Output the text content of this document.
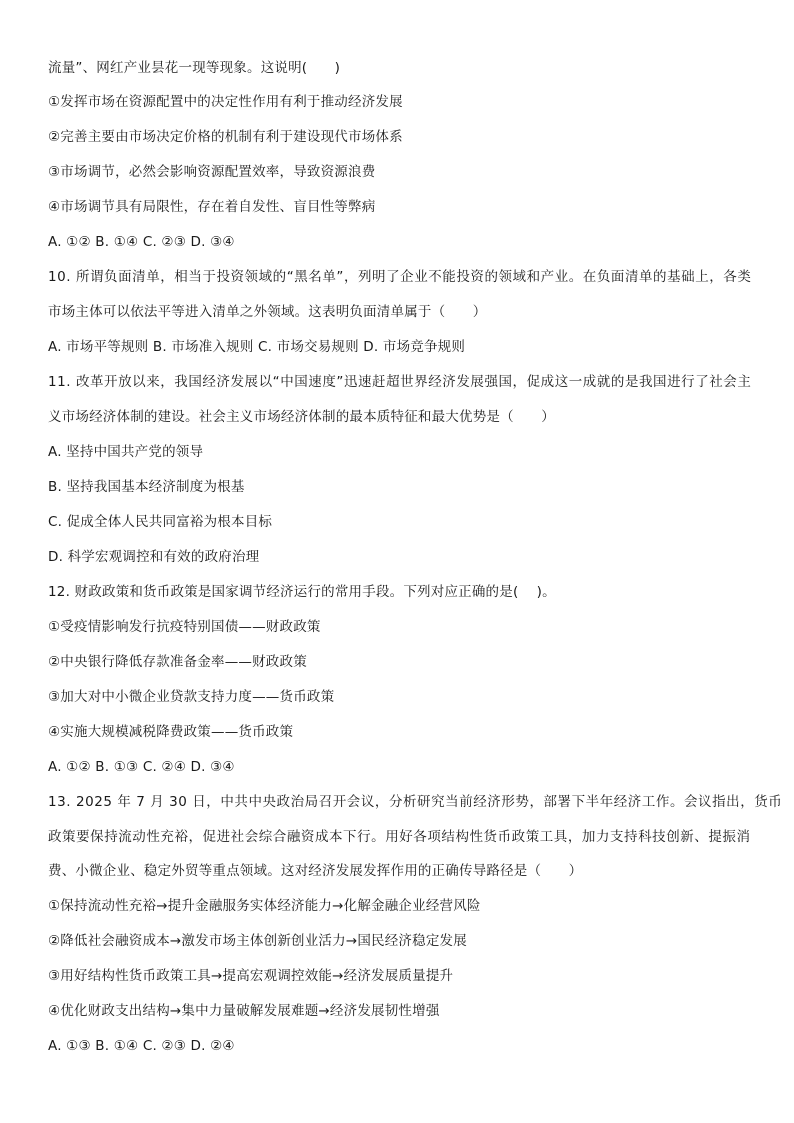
流量”、网红产业昙花一现等现象。这说明(　　)
①发挥市场在资源配置中的决定性作用有利于推动经济发展
②完善主要由市场决定价格的机制有利于建设现代市场体系
③市场调节，必然会影响资源配置效率，导致资源浪费
④市场调节具有局限性，存在着自发性、盲目性等弊病
A. ①② B. ①④ C. ②③ D. ③④
10. 所谓负面清单，相当于投资领域的“黑名单”，列明了企业不能投资的领域和产业。在负面清单的基础上，各类
市场主体可以依法平等进入清单之外领域。这表明负面清单属于（　　）
A. 市场平等规则 B. 市场准入规则 C. 市场交易规则 D. 市场竞争规则
11. 改革开放以来，我国经济发展以“中国速度”迅速赶超世界经济发展强国，促成这一成就的是我国进行了社会主
义市场经济体制的建设。社会主义市场经济体制的最本质特征和最大优势是（　　）
A. 坚持中国共产党的领导
B. 坚持我国基本经济制度为根基
C. 促成全体人民共同富裕为根本目标
D. 科学宏观调控和有效的政府治理
12. 财政政策和货币政策是国家调节经济运行的常用手段。下列对应正确的是(　 )。
①受疫情影响发行抗疫特别国债——财政政策
②中央银行降低存款准备金率——财政政策
③加大对中小微企业贷款支持力度——货币政策
④实施大规模减税降费政策——货币政策
A. ①② B. ①③ C. ②④ D. ③④
13. 2025 年 7 月 30 日，中共中央政治局召开会议，分析研究当前经济形势，部署下半年经济工作。会议指出，货币
政策要保持流动性充裕，促进社会综合融资成本下行。用好各项结构性货币政策工具，加力支持科技创新、提振消
费、小微企业、稳定外贸等重点领域。这对经济发展发挥作用的正确传导路径是（　　）
①保持流动性充裕→提升金融服务实体经济能力→化解金融企业经营风险
②降低社会融资成本→激发市场主体创新创业活力→国民经济稳定发展
③用好结构性货币政策工具→提高宏观调控效能→经济发展质量提升
④优化财政支出结构→集中力量破解发展难题→经济发展韧性增强
A. ①③ B. ①④ C. ②③ D. ②④
